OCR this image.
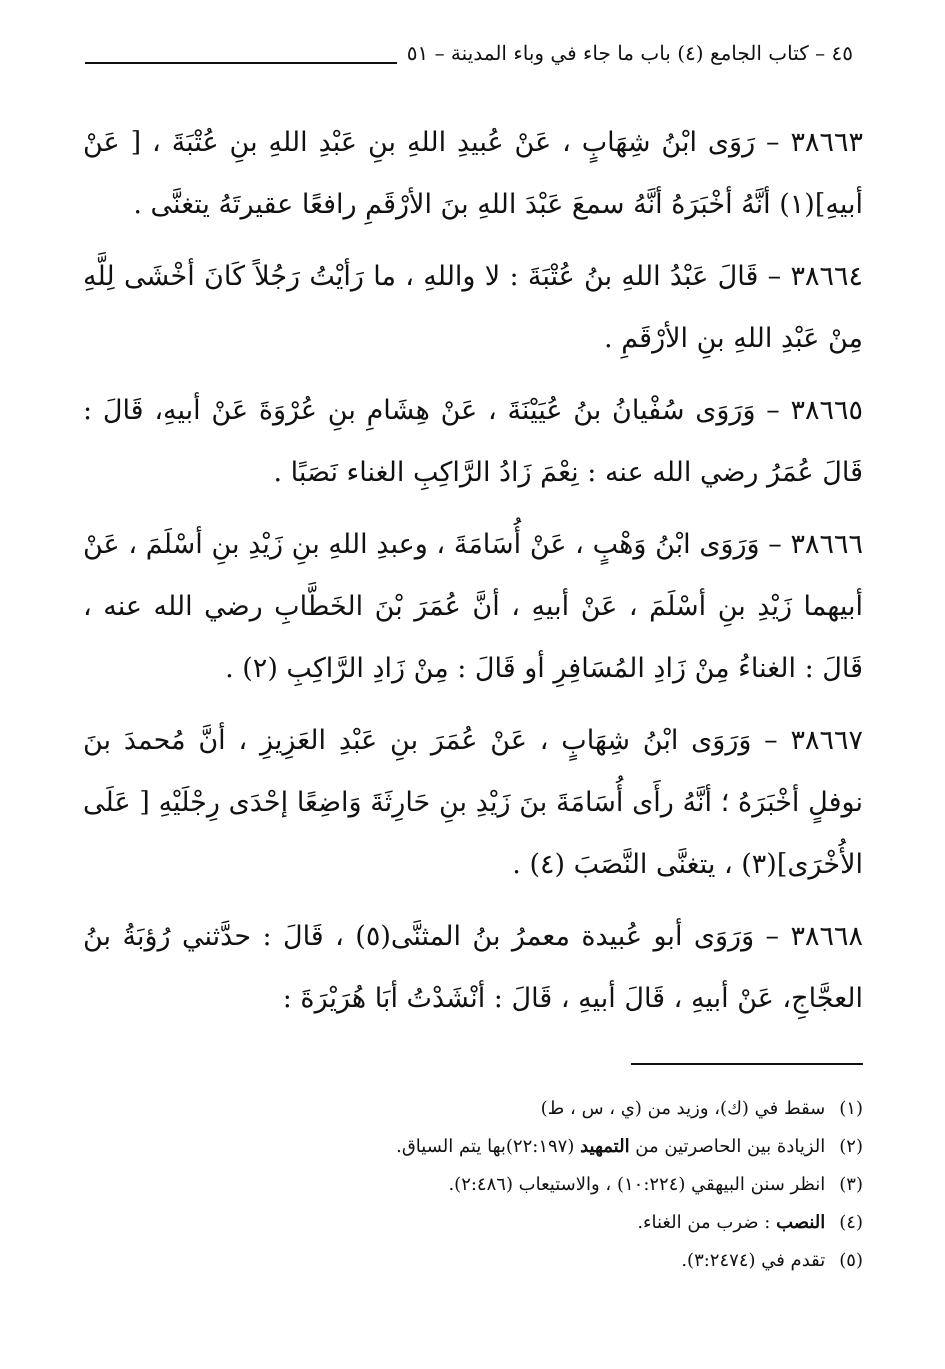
٤٥ – كتاب الجامع (٤) باب ما جاء في وباء المدينة – ٥١

٣٨٦٦٣ – رَوَى ابْنُ شِهَابٍ ، عَنْ عُبيدِ اللهِ بنِ عَبْدِ اللهِ بنِ عُتْبَةَ ، [ عَنْ أبيهِ](١) أنَّهُ أخْبَرَهُ أنَّهُ سمعَ عَبْدَ اللهِ بنَ الأرْقَمِ رافعًا عقيرتَهُ يتغنَّى .

٣٨٦٦٤ – قَالَ عَبْدُ اللهِ بنُ عُتْبَةَ : لا واللهِ ، ما رَأيْتُ رَجُلاً كَانَ أخْشَى لِلَّهِ مِنْ عَبْدِ اللهِ بنِ الأرْقَمِ .

٣٨٦٦٥ – وَرَوَى سُفْيانُ بنُ عُيَيْنَةَ ، عَنْ هِشَامِ بنِ عُرْوَةَ عَنْ أبيهِ، قَالَ : قَالَ عُمَرُ رضي الله عنه : نِعْمَ زَادُ الرَّاكِبِ الغناء نَصَبًا .

٣٨٦٦٦ – وَرَوَى ابْنُ وَهْبٍ ، عَنْ أُسَامَةَ ، وعبدِ اللهِ بنِ زَيْدِ بنِ أسْلَمَ ، عَنْ أبيهما زَيْدِ بنِ أسْلَمَ ، عَنْ أبيهِ ، أنَّ عُمَرَ بْنَ الخَطَّابِ رضي الله عنه ، قَالَ : الغناءُ مِنْ زَادِ المُسَافِرِ أو قَالَ : مِنْ زَادِ الرَّاكِبِ (٢) .

٣٨٦٦٧ – وَرَوَى ابْنُ شِهَابٍ ، عَنْ عُمَرَ بنِ عَبْدِ العَزِيزِ ، أنَّ مُحمدَ بنَ نوفلٍ أخْبَرَهُ ؛ أنَّهُ رأَى أُسَامَةَ بنَ زَيْدِ بنِ حَارِثَةَ وَاضِعًا إحْدَى رِجْلَيْهِ [ عَلَى الأُخْرَى](٣) ، يتغنَّى النَّصَبَ (٤) .

٣٨٦٦٨ – وَرَوَى أبو عُبيدة معمرُ بنُ المثنَّى(٥) ، قَالَ : حدَّثني رُؤبَةُ بنُ العجَّاجِ، عَنْ أبيهِ ، قَالَ أبيهِ ، قَالَ : أنْشَدْتُ أبَا هُرَيْرَةَ :

(١) سقط في (ك)، وزيد من (ي ، س ، ط)

(٢) الزيادة بين الحاصرتين من التمهيد (٢٢:١٩٧)بها يتم السياق.

(٣) انظر سنن البيهقي (١٠:٢٢٤) ، والاستيعاب (٢:٤٨٦).

(٤) النصب : ضرب من الغناء.

(٥) تقدم في (٣:٢٤٧٤).
